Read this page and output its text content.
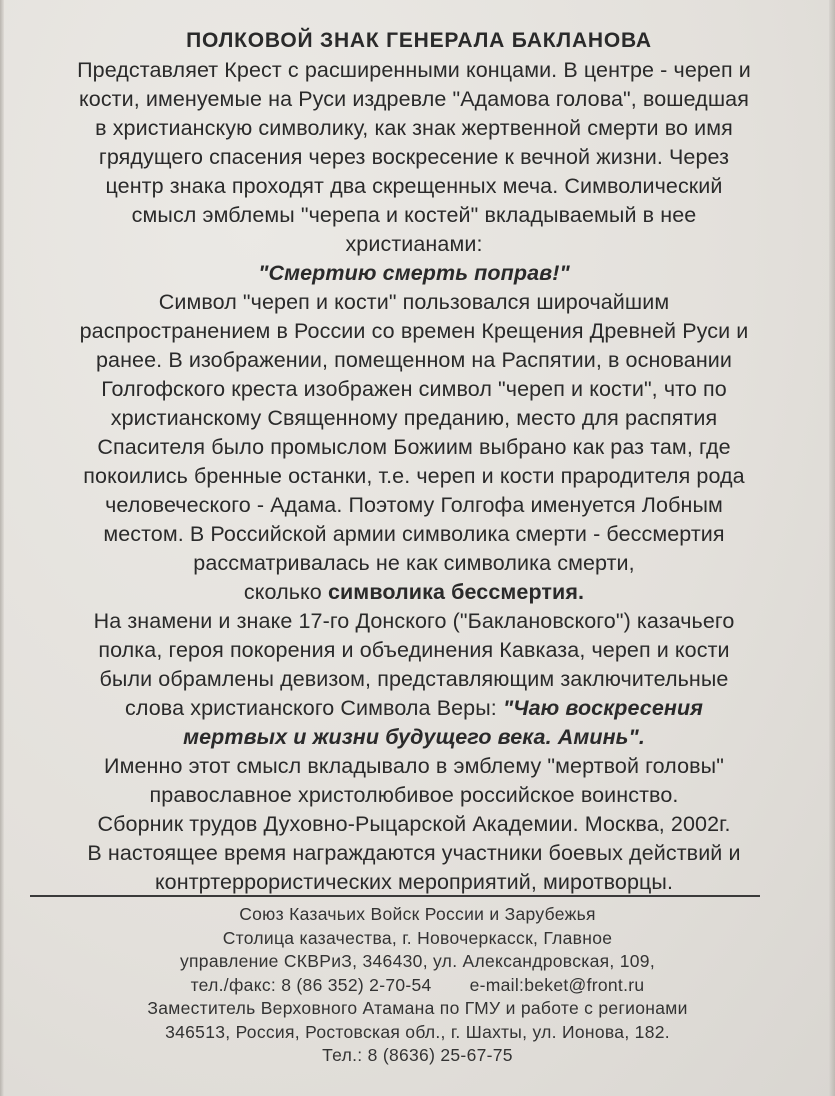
ПОЛКОВОЙ ЗНАК ГЕНЕРАЛА БАКЛАНОВА
Представляет Крест с расширенными концами. В центре - череп и
кости, именуемые на Руси издревле "Адамова голова", вошедшая
в христианскую символику, как знак жертвенной смерти во имя
грядущего спасения через воскресение к вечной жизни. Через
центр знака проходят два скрещенных меча. Символический
смысл эмблемы "черепа и костей" вкладываемый в нее
христианами:
"Смертию смерть поправ!"
Символ "череп и кости" пользовался широчайшим
распространением в России со времен Крещения Древней Руси и
ранее. В изображении, помещенном на Распятии, в основании
Голгофского креста изображен символ "череп и кости", что по
христианскому Священному преданию, место для распятия
Спасителя было промыслом Божиим выбрано как раз там, где
покоились бренные останки, т.е. череп и кости прародителя рода
человеческого - Адама. Поэтому Голгофа именуется Лобным
местом. В Российской армии символика смерти - бессмертия
рассматривалась не как символика смерти,
сколько символика бессмертия.
На знамени и знаке 17-го Донского ("Баклановского") казачьего
полка, героя покорения и объединения Кавказа, череп и кости
были обрамлены девизом, представляющим заключительные
слова христианского Символа Веры: "Чаю воскресения
мертвых и жизни будущего века. Аминь".
Именно этот смысл вкладывало в эмблему "мертвой головы"
православное христолюбивое российское воинство.
Сборник трудов Духовно-Рыцарской Академии. Москва, 2002г.
В настоящее время награждаются участники боевых действий и
контртеррористических мероприятий, миротворцы.
Союз Казачьих Войск России и Зарубежья
Столица казачества, г. Новочеркасск, Главное
управление СКВРиЗ, 346430, ул. Александровская, 109,
тел./факс: 8 (86 352) 2-70-54 e-mail:beket@front.ru
Заместитель Верховного Атамана по ГМУ и работе с регионами
346513, Россия, Ростовская обл., г. Шахты, ул. Ионова, 182.
Тел.: 8 (8636) 25-67-75
